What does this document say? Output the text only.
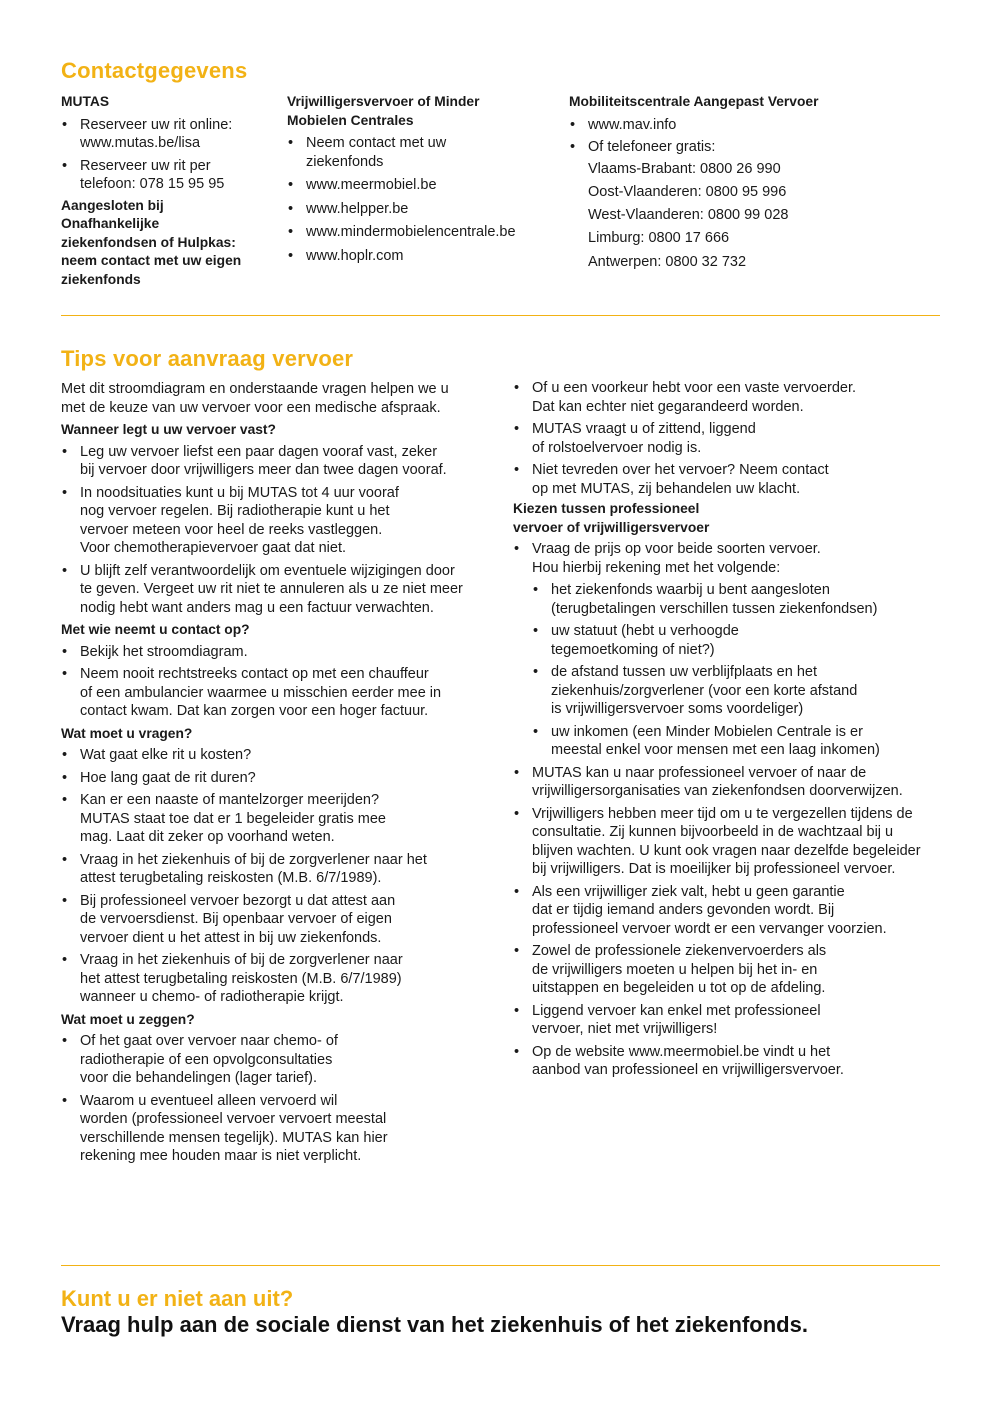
Contactgegevens
MUTAS
• Reserveer uw rit online:
www.mutas.be/lisa
• Reserveer uw rit per
telefoon: 078 15 95 95
Aangesloten bij
Onafhankelijke
ziekenfondsen of Hulpkas:
neem contact met uw eigen
ziekenfonds
Vrijwilligersvervoer of Minder
Mobielen Centrales
• Neem contact met uw
ziekenfonds
• www.meermobiel.be
• www.helpper.be
• www.mindermobielencentrale.be
• www.hoplr.com
Mobiliteitscentrale Aangepast Vervoer
• www.mav.info
• Of telefoneer gratis:
Vlaams-Brabant: 0800 26 990
Oost-Vlaanderen: 0800 95 996
West-Vlaanderen: 0800 99 028
Limburg: 0800 17 666
Antwerpen: 0800 32 732
Tips voor aanvraag vervoer
Met dit stroomdiagram en onderstaande vragen helpen we u
met de keuze van uw vervoer voor een medische afspraak.
Wanneer legt u uw vervoer vast?
• Leg uw vervoer liefst een paar dagen vooraf vast, zeker
bij vervoer door vrijwilligers meer dan twee dagen vooraf.
• In noodsituaties kunt u bij MUTAS tot 4 uur vooraf
nog vervoer regelen. Bij radiotherapie kunt u het
vervoer meteen voor heel de reeks vastleggen.
Voor chemotherapievervoer gaat dat niet.
• U blijft zelf verantwoordelijk om eventuele wijzigingen door
te geven. Vergeet uw rit niet te annuleren als u ze niet meer
nodig hebt want anders mag u een factuur verwachten.
Met wie neemt u contact op?
• Bekijk het stroomdiagram.
• Neem nooit rechtstreeks contact op met een chauffeur
of een ambulancier waarmee u misschien eerder mee in
contact kwam. Dat kan zorgen voor een hoger factuur.
Wat moet u vragen?
• Wat gaat elke rit u kosten?
• Hoe lang gaat de rit duren?
• Kan er een naaste of mantelzorger meerijden?
MUTAS staat toe dat er 1 begeleider gratis mee
mag. Laat dit zeker op voorhand weten.
• Vraag in het ziekenhuis of bij de zorgverlener naar het
attest terugbetaling reiskosten (M.B. 6/7/1989).
• Bij professioneel vervoer bezorgt u dat attest aan
de vervoersdienst. Bij openbaar vervoer of eigen
vervoer dient u het attest in bij uw ziekenfonds.
• Vraag in het ziekenhuis of bij de zorgverlener naar
het attest terugbetaling reiskosten (M.B. 6/7/1989)
wanneer u chemo- of radiotherapie krijgt.
Wat moet u zeggen?
• Of het gaat over vervoer naar chemo- of
radiotherapie of een opvolgconsultaties
voor die behandelingen (lager tarief).
• Waarom u eventueel alleen vervoerd wil
worden (professioneel vervoer vervoert meestal
verschillende mensen tegelijk). MUTAS kan hier
rekening mee houden maar is niet verplicht.
• Of u een voorkeur hebt voor een vaste vervoerder.
Dat kan echter niet gegarandeerd worden.
• MUTAS vraagt u of zittend, liggend
of rolstoelvervoer nodig is.
• Niet tevreden over het vervoer? Neem contact
op met MUTAS, zij behandelen uw klacht.
Kiezen tussen professioneel
vervoer of vrijwilligersvervoer
• Vraag de prijs op voor beide soorten vervoer.
Hou hierbij rekening met het volgende:
• het ziekenfonds waarbij u bent aangesloten
(terugbetalingen verschillen tussen ziekenfondsen)
• uw statuut (hebt u verhoogde
tegemoetkoming of niet?)
• de afstand tussen uw verblijfplaats en het
ziekenhuis/zorgverlener (voor een korte afstand
is vrijwilligersvervoer soms voordeliger)
• uw inkomen (een Minder Mobielen Centrale is er
meestal enkel voor mensen met een laag inkomen)
• MUTAS kan u naar professioneel vervoer of naar de
vrijwilligersorganisaties van ziekenfondsen doorverwijzen.
• Vrijwilligers hebben meer tijd om u te vergezellen tijdens de
consultatie. Zij kunnen bijvoorbeeld in de wachtzaal bij u
blijven wachten. U kunt ook vragen naar dezelfde begeleider
bij vrijwilligers. Dat is moeilijker bij professioneel vervoer.
• Als een vrijwilliger ziek valt, hebt u geen garantie
dat er tijdig iemand anders gevonden wordt. Bij
professioneel vervoer wordt er een vervanger voorzien.
• Zowel de professionele ziekenvervoerders als
de vrijwilligers moeten u helpen bij het in- en
uitstappen en begeleiden u tot op de afdeling.
• Liggend vervoer kan enkel met professioneel
vervoer, niet met vrijwilligers!
• Op de website www.meermobiel.be vindt u het
aanbod van professioneel en vrijwilligersvervoer.
Kunt u er niet aan uit?
Vraag hulp aan de sociale dienst van het ziekenhuis of het ziekenfonds.
